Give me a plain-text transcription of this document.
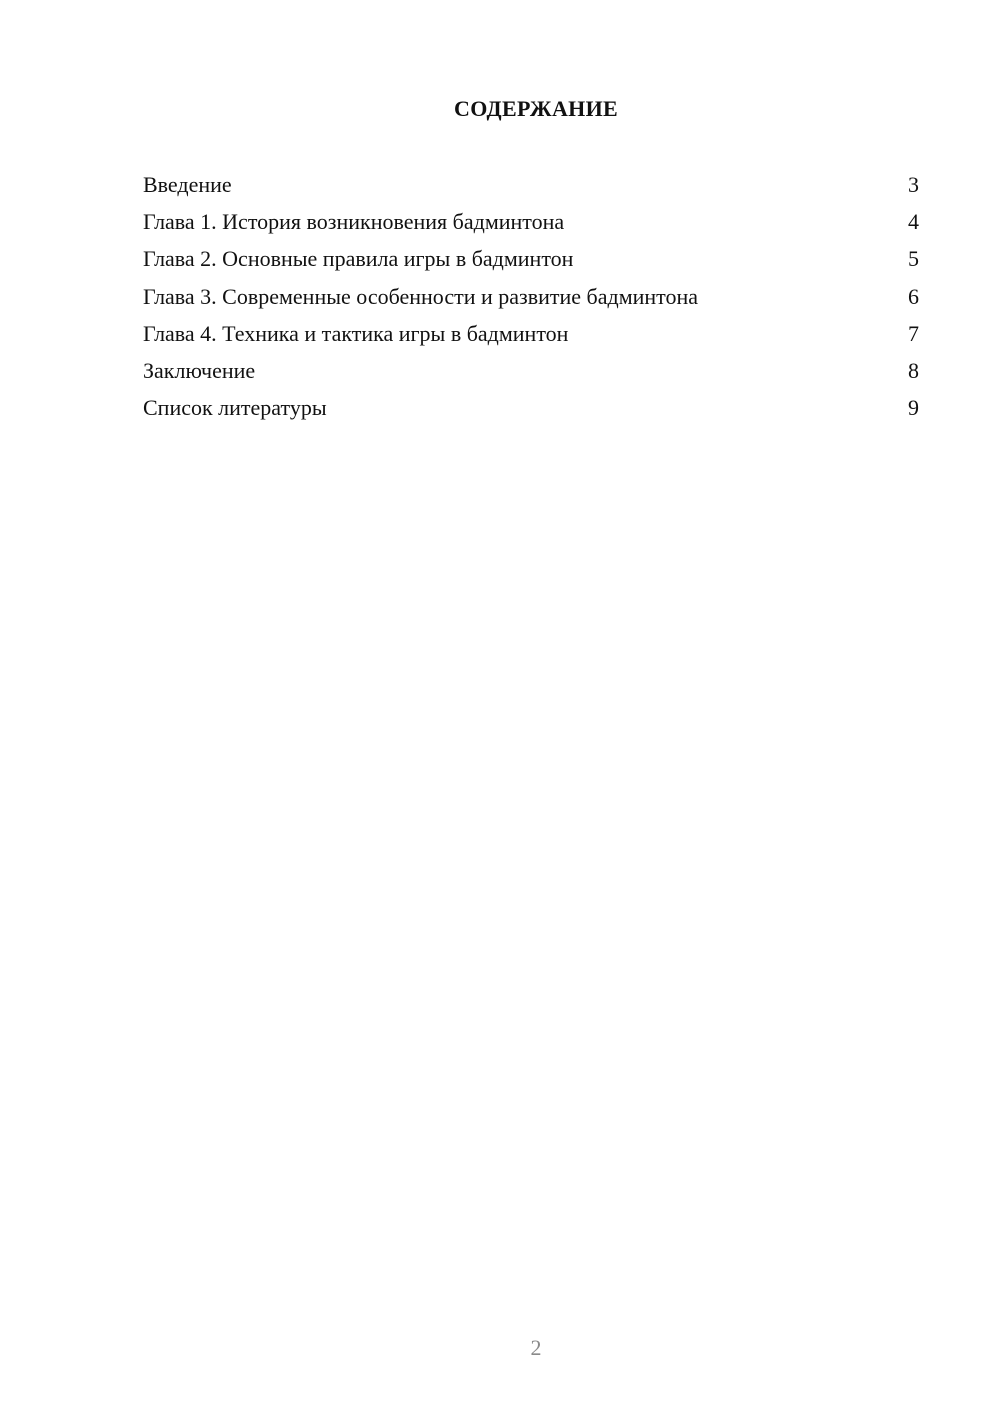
СОДЕРЖАНИЕ
Введение	3
Глава 1. История возникновения бадминтона	4
Глава 2. Основные правила игры в бадминтон	5
Глава 3. Современные особенности и развитие бадминтона	6
Глава 4. Техника и тактика игры в бадминтон	7
Заключение	8
Список литературы	9
2
